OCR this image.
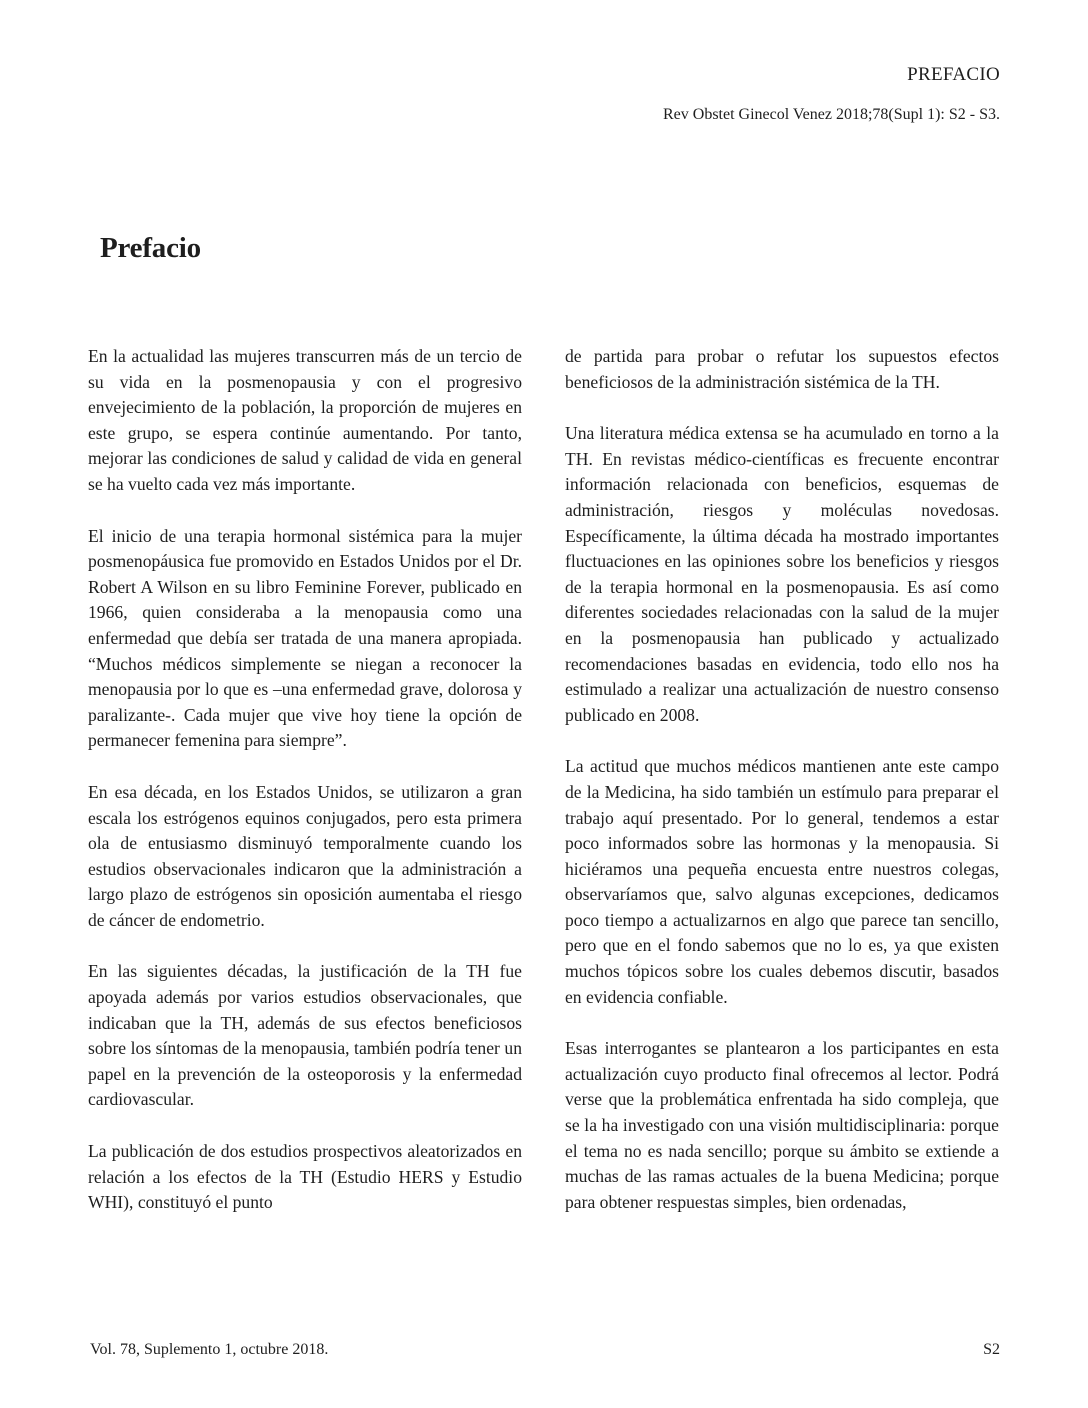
PREFACIO
Rev Obstet Ginecol Venez 2018;78(Supl 1): S2 - S3.
Prefacio

En la actualidad las mujeres transcurren más de un tercio de su vida en la posmenopausia y con el progresivo envejecimiento de la población, la proporción de mujeres en este grupo, se espera continúe aumentando. Por tanto, mejorar las condiciones de salud y calidad de vida en general se ha vuelto cada vez más importante.

El inicio de una terapia hormonal sistémica para la mujer posmenopáusica fue promovido en Estados Unidos por el Dr. Robert A Wilson en su libro Feminine Forever, publicado en 1966, quien consideraba a la menopausia como una enfermedad que debía ser tratada de una manera apropiada. “Muchos médicos simplemente se niegan a reconocer la menopausia por lo que es –una enfermedad grave, dolorosa y paralizante-. Cada mujer que vive hoy tiene la opción de permanecer femenina para siempre”.

En esa década, en los Estados Unidos, se utilizaron a gran escala los estrógenos equinos conjugados, pero esta primera ola de entusiasmo disminuyó temporalmente cuando los estudios observacionales indicaron que la administración a largo plazo de estrógenos sin oposición aumentaba el riesgo de cáncer de endometrio.

En las siguientes décadas, la justificación de la TH fue apoyada además por varios estudios observacionales, que indicaban que la TH, además de sus efectos beneficiosos sobre los síntomas de la menopausia, también podría tener un papel en la prevención de la osteoporosis y la enfermedad cardiovascular.

La publicación de dos estudios prospectivos aleatorizados en relación a los efectos de la TH (Estudio HERS y Estudio WHI), constituyó el punto

de partida para probar o refutar los supuestos efectos beneficiosos de la administración sistémica de la TH.

Una literatura médica extensa se ha acumulado en torno a la TH. En revistas médico-científicas es frecuente encontrar información relacionada con beneficios, esquemas de administración, riesgos y moléculas novedosas. Específicamente, la última década ha mostrado importantes fluctuaciones en las opiniones sobre los beneficios y riesgos de la terapia hormonal en la posmenopausia. Es así como diferentes sociedades relacionadas con la salud de la mujer en la posmenopausia han publicado y actualizado recomendaciones basadas en evidencia, todo ello nos ha estimulado a realizar una actualización de nuestro consenso publicado en 2008.

La actitud que muchos médicos mantienen ante este campo de la Medicina, ha sido también un estímulo para preparar el trabajo aquí presentado. Por lo general, tendemos a estar poco informados sobre las hormonas y la menopausia. Si hiciéramos una pequeña encuesta entre nuestros colegas, observaríamos que, salvo algunas excepciones, dedicamos poco tiempo a actualizarnos en algo que parece tan sencillo, pero que en el fondo sabemos que no lo es, ya que existen muchos tópicos sobre los cuales debemos discutir, basados en evidencia confiable.

Esas interrogantes se plantearon a los participantes en esta actualización cuyo producto final ofrecemos al lector. Podrá verse que la problemática enfrentada ha sido compleja, que se la ha investigado con una visión multidisciplinaria: porque el tema no es nada sencillo; porque su ámbito se extiende a muchas de las ramas actuales de la buena Medicina; porque para obtener respuestas simples, bien ordenadas,

Vol. 78, Suplemento 1, octubre 2018.	S2
